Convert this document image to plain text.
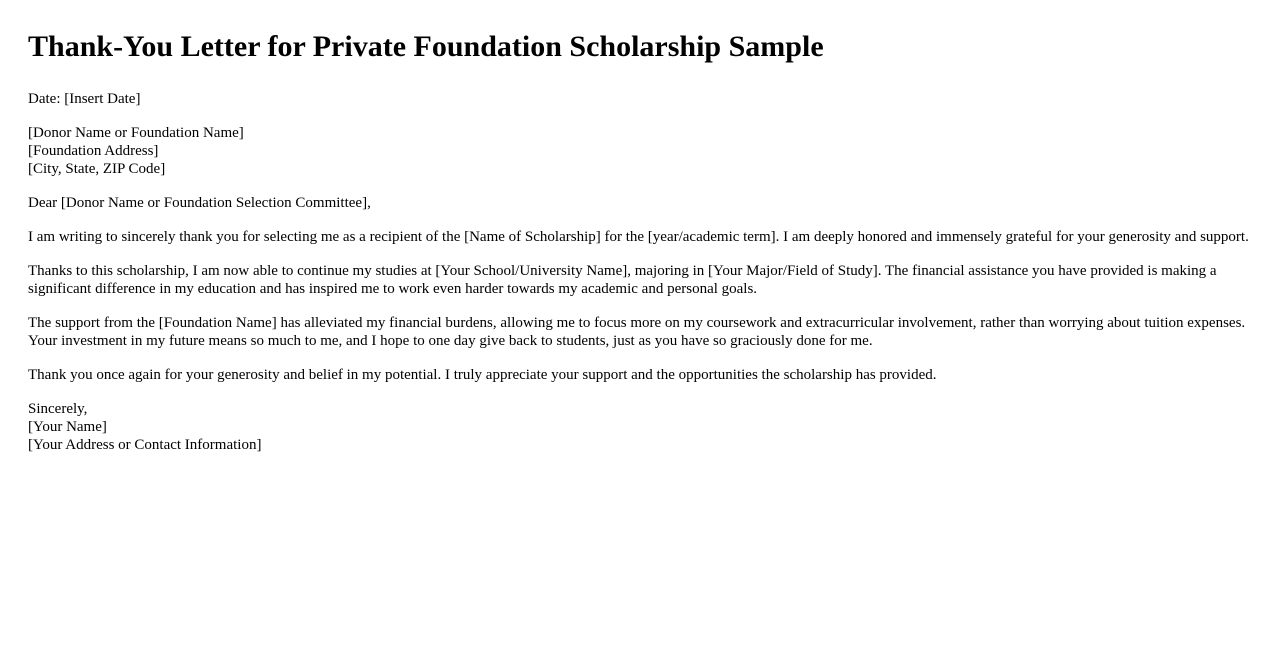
Thank-You Letter for Private Foundation Scholarship Sample

Date: [Insert Date]

[Donor Name or Foundation Name]
[Foundation Address]
[City, State, ZIP Code]

Dear [Donor Name or Foundation Selection Committee],

I am writing to sincerely thank you for selecting me as a recipient of the [Name of Scholarship] for the [year/academic term]. I am deeply honored and immensely grateful for your generosity and support.

Thanks to this scholarship, I am now able to continue my studies at [Your School/University Name], majoring in [Your Major/Field of Study]. The financial assistance you have provided is making a significant difference in my education and has inspired me to work even harder towards my academic and personal goals.

The support from the [Foundation Name] has alleviated my financial burdens, allowing me to focus more on my coursework and extracurricular involvement, rather than worrying about tuition expenses. Your investment in my future means so much to me, and I hope to one day give back to students, just as you have so graciously done for me.

Thank you once again for your generosity and belief in my potential. I truly appreciate your support and the opportunities the scholarship has provided.

Sincerely,
[Your Name]
[Your Address or Contact Information]
